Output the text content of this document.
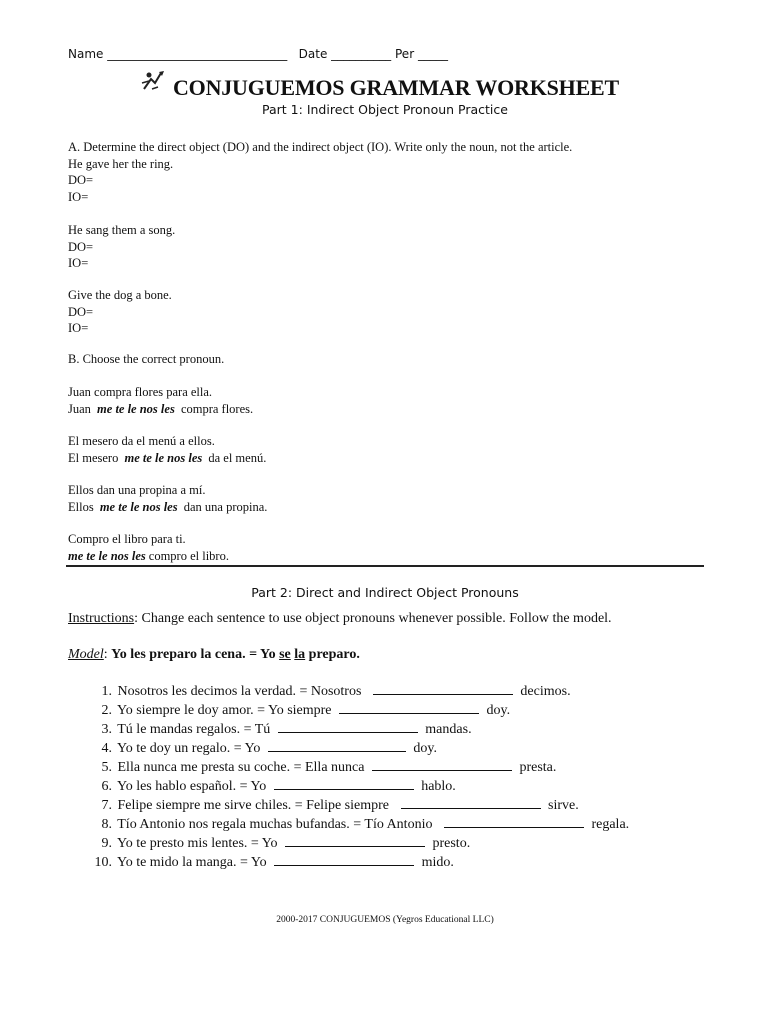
Name ______________________________ Date __________ Per _____
CONJUGUEMOS GRAMMAR WORKSHEET
Part 1: Indirect Object Pronoun Practice
A. Determine the direct object (DO) and the indirect object (IO). Write only the noun, not the article.
He gave her the ring.
DO=
IO=
He sang them a song.
DO=
IO=
Give the dog a bone.
DO=
IO=
B. Choose the correct pronoun.
Juan compra flores para ella.
Juan me te le nos les compra flores.
El mesero da el menú a ellos.
El mesero me te le nos les da el menú.
Ellos dan una propina a mí.
Ellos me te le nos les dan una propina.
Compro el libro para ti.
me te le nos les compro el libro.
Part 2: Direct and Indirect Object Pronouns
Instructions: Change each sentence to use object pronouns whenever possible. Follow the model.
Model: Yo les preparo la cena. = Yo se la preparo.
1. Nosotros les decimos la verdad. = Nosotros	decimos.
2. Yo siempre le doy amor. = Yo siempre	doy.
3. Tú le mandas regalos. = Tú	mandas.
4. Yo te doy un regalo. = Yo	doy.
5. Ella nunca me presta su coche. = Ella nunca	presta.
6. Yo les hablo español. = Yo	hablo.
7. Felipe siempre me sirve chiles. = Felipe siempre	sirve.
8. Tío Antonio nos regala muchas bufandas. = Tío Antonio	regala.
9. Yo te presto mis lentes. = Yo	presto.
10. Yo te mido la manga. = Yo	mido.
2000-2017 CONJUGUEMOS (Yegros Educational LLC)
